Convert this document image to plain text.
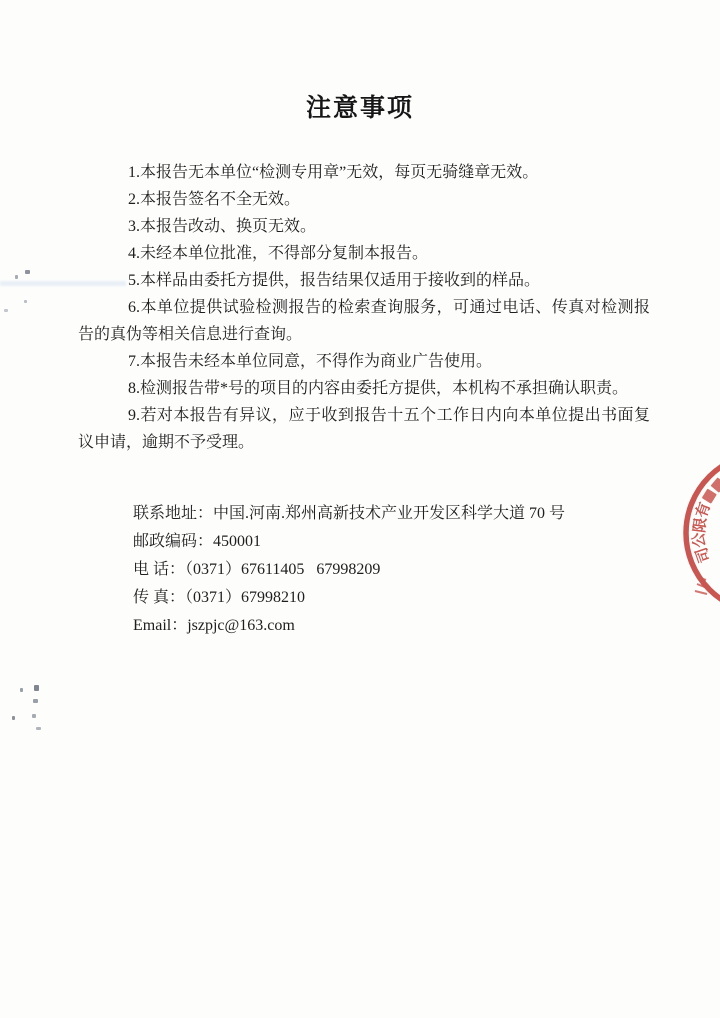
注意事项

1.本报告无本单位“检测专用章”无效，每页无骑缝章无效。

2.本报告签名不全无效。

3.本报告改动、换页无效。

4.未经本单位批准，不得部分复制本报告。

5.本样品由委托方提供，报告结果仅适用于接收到的样品。

6.本单位提供试验检测报告的检索查询服务，可通过电话、传真对检测报告的真伪等相关信息进行查询。

7.本报告未经本单位同意，不得作为商业广告使用。

8.检测报告带*号的项目的内容由委托方提供，本机构不承担确认职责。

9.若对本报告有异议，应于收到报告十五个工作日内向本单位提出书面复议申请，逾期不予受理。

联系地址：中国.河南.郑州高新技术产业开发区科学大道 70 号

邮政编码：450001

电 话：（0371）67611405   67998209

传 真：（0371）67998210

Email：jszpjc@163.com

有
限
公
司
